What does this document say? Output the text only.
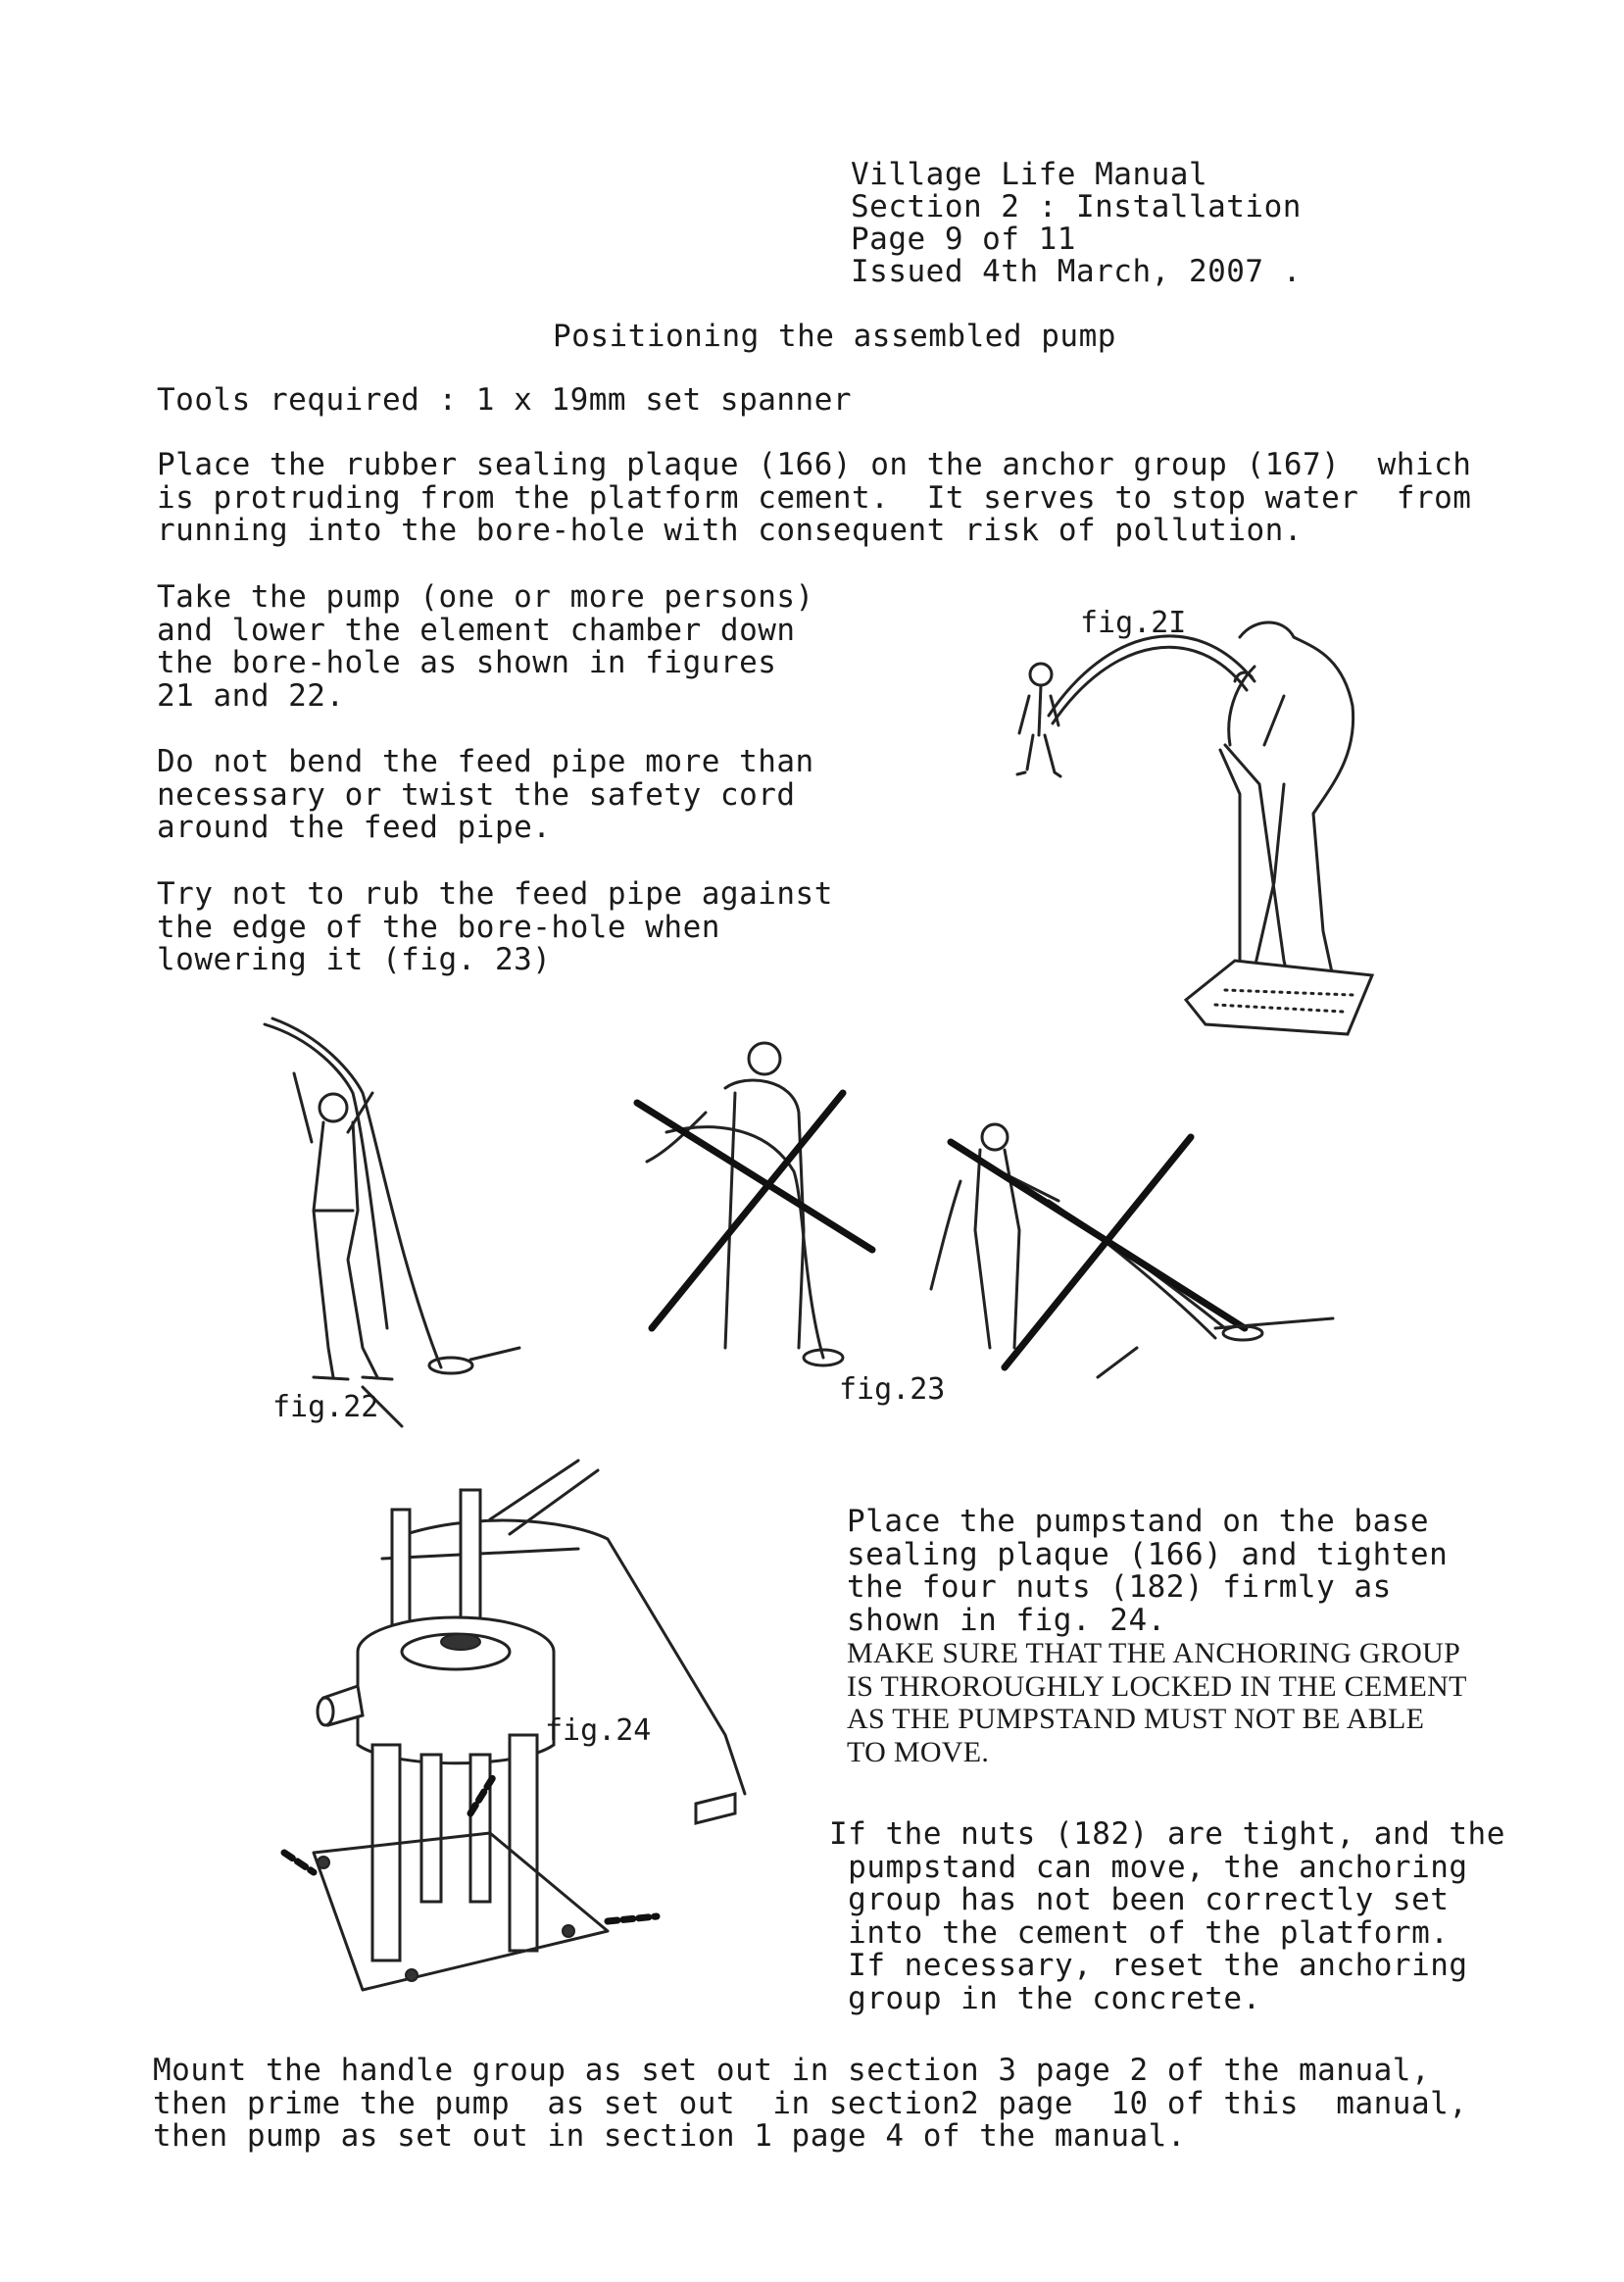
Village Life Manual
Section 2 : Installation
Page 9 of 11
Issued 4th March, 2007 .
Positioning the assembled pump
Tools required : 1 x 19mm set spanner
Place the rubber sealing plaque (166) on the anchor group (167)  which
is protruding from the platform cement.  It serves to stop water  from
running into the bore-hole with consequent risk of pollution.
Take the pump (one or more persons)
and lower the element chamber down
the bore-hole as shown in figures
21 and 22.
Do not bend the feed pipe more than
necessary or twist the safety cord
around the feed pipe.
Try not to rub the feed pipe against
the edge of the bore-hole when
lowering it (fig. 23)
fig.2I
fig.22
fig.23
fig.24
Place the pumpstand on the base
sealing plaque (166) and tighten
the four nuts (182) firmly as
shown in fig. 24.
MAKE SURE THAT THE ANCHORING GROUP
IS THROROUGHLY LOCKED IN THE CEMENT
AS THE PUMPSTAND MUST NOT BE ABLE
TO MOVE.
If the nuts (182) are tight, and the
pumpstand can move, the anchoring
group has not been correctly set
into the cement of the platform.
If necessary, reset the anchoring
group in the concrete.
Mount the handle group as set out in section 3 page 2 of the manual,
then prime the pump  as set out  in section2 page  10 of this  manual,
then pump as set out in section 1 page 4 of the manual.
